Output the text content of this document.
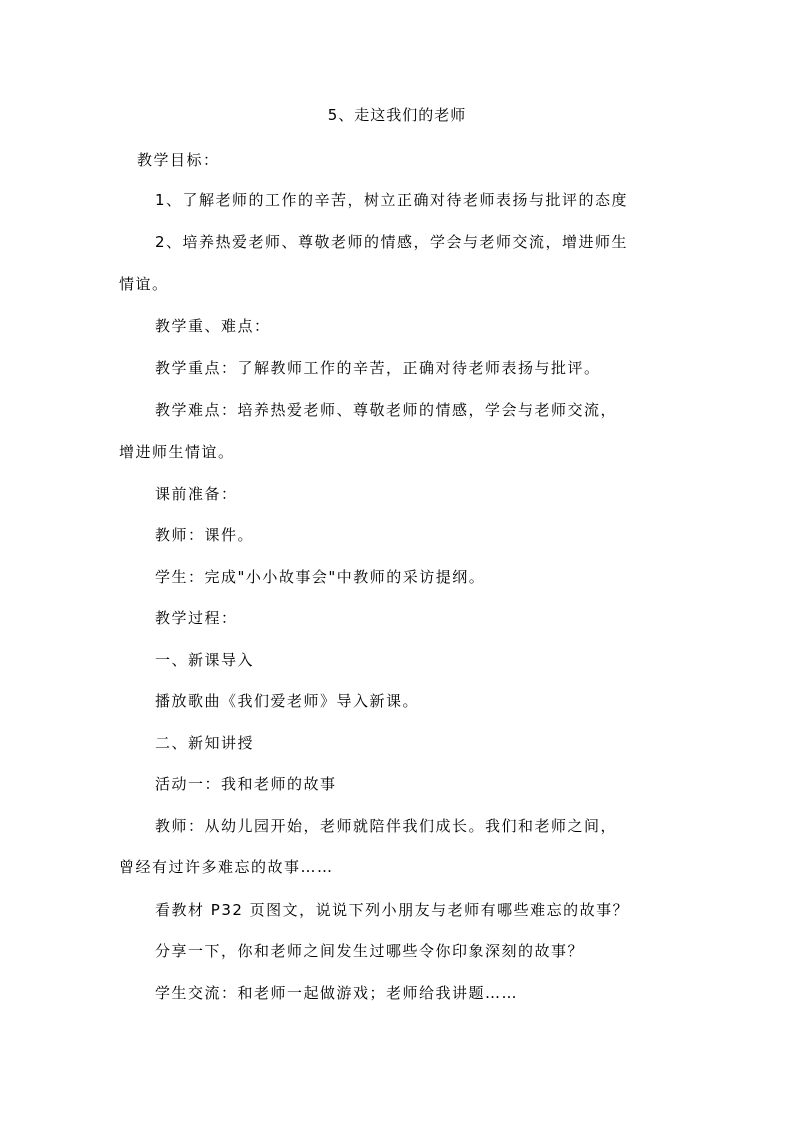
5、走这我们的老师
教学目标：
1、了解老师的工作的辛苦，树立正确对待老师表扬与批评的态度
2、培养热爱老师、尊敬老师的情感，学会与老师交流，增进师生
情谊。
教学重、难点：
教学重点：了解教师工作的辛苦，正确对待老师表扬与批评。
教学难点：培养热爱老师、尊敬老师的情感，学会与老师交流，
增进师生情谊。
课前准备：
教师：课件。
学生：完成"小小故事会"中教师的采访提纲。
教学过程：
一、新课导入
播放歌曲《我们爱老师》导入新课。
二、新知讲授
活动一：我和老师的故事
教师：从幼儿园开始，老师就陪伴我们成长。我们和老师之间，
曾经有过许多难忘的故事……
看教材 P32 页图文，说说下列小朋友与老师有哪些难忘的故事？
分享一下，你和老师之间发生过哪些令你印象深刻的故事？
学生交流：和老师一起做游戏；老师给我讲题……
